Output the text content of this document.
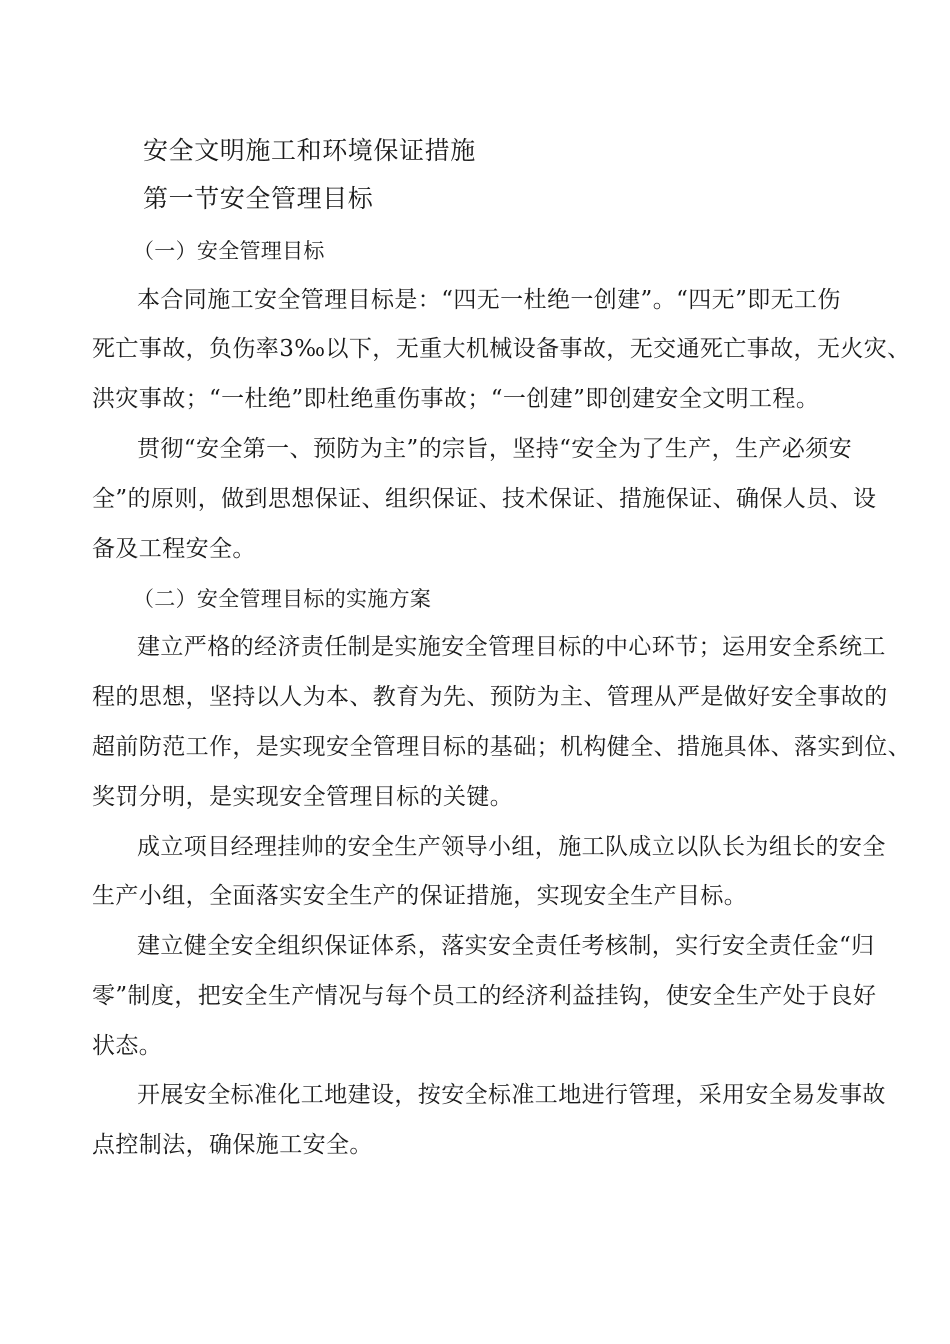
安全文明施工和环境保证措施

第一节安全管理目标

（一）安全管理目标

本合同施工安全管理目标是：“四无一杜绝一创建”。“四无”即无工伤

死亡事故，负伤率3‰以下，无重大机械设备事故，无交通死亡事故，无火灾、

洪灾事故；“一杜绝”即杜绝重伤事故；“一创建”即创建安全文明工程。

贯彻“安全第一、预防为主”的宗旨，坚持“安全为了生产，生产必须安

全”的原则，做到思想保证、组织保证、技术保证、措施保证、确保人员、设

备及工程安全。

（二）安全管理目标的实施方案

建立严格的经济责任制是实施安全管理目标的中心环节；运用安全系统工

程的思想，坚持以人为本、教育为先、预防为主、管理从严是做好安全事故的

超前防范工作，是实现安全管理目标的基础；机构健全、措施具体、落实到位、

奖罚分明，是实现安全管理目标的关键。

成立项目经理挂帅的安全生产领导小组，施工队成立以队长为组长的安全

生产小组，全面落实安全生产的保证措施，实现安全生产目标。

建立健全安全组织保证体系，落实安全责任考核制，实行安全责任金“归

零”制度，把安全生产情况与每个员工的经济利益挂钩，使安全生产处于良好

状态。

开展安全标准化工地建设，按安全标准工地进行管理，采用安全易发事故

点控制法，确保施工安全。
